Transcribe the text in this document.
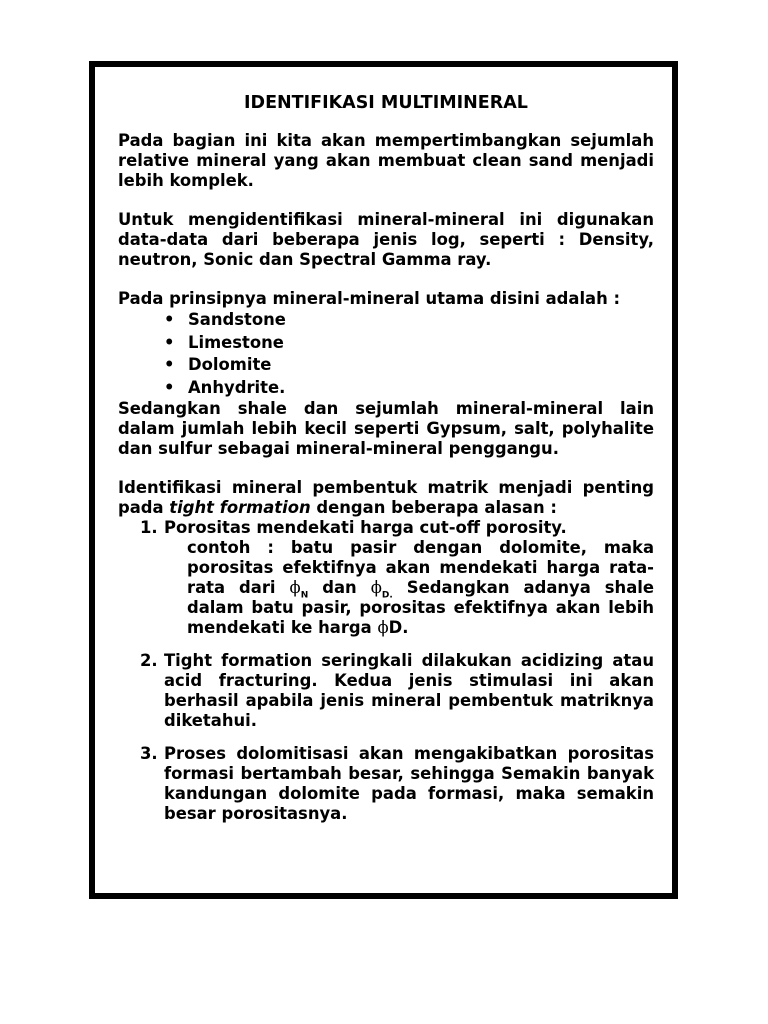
IDENTIFIKASI MULTIMINERAL

Pada bagian ini kita akan mempertimbangkan sejumlah relative mineral yang akan membuat clean sand menjadi lebih komplek.

Untuk mengidentifikasi mineral-mineral ini digunakan data-data dari beberapa jenis log, seperti : Density, neutron, Sonic dan Spectral Gamma ray.

Pada prinsipnya mineral-mineral utama disini adalah :

• Sandstone
• Limestone
• Dolomite
• Anhydrite.

Sedangkan shale dan sejumlah mineral-mineral lain dalam jumlah lebih kecil seperti Gypsum, salt, polyhalite dan sulfur sebagai mineral-mineral penggangu.

Identifikasi mineral pembentuk matrik menjadi penting pada tight formation dengan beberapa alasan :

1. Porositas mendekati harga cut-off porosity.
contoh : batu pasir dengan dolomite, maka porositas efektifnya akan mendekati harga rata-rata dari $\phi_N$ dan $\phi_{D.}$ Sedangkan adanya shale dalam batu pasir, porositas efektifnya akan lebih mendekati ke harga ϕD.
2. Tight formation seringkali dilakukan acidizing atau acid fracturing. Kedua jenis stimulasi ini akan berhasil apabila jenis mineral pembentuk matriknya diketahui.
3. Proses dolomitisasi akan mengakibatkan porositas formasi bertambah besar, sehingga Semakin banyak kandungan dolomite pada formasi, maka semakin besar porositasnya.
